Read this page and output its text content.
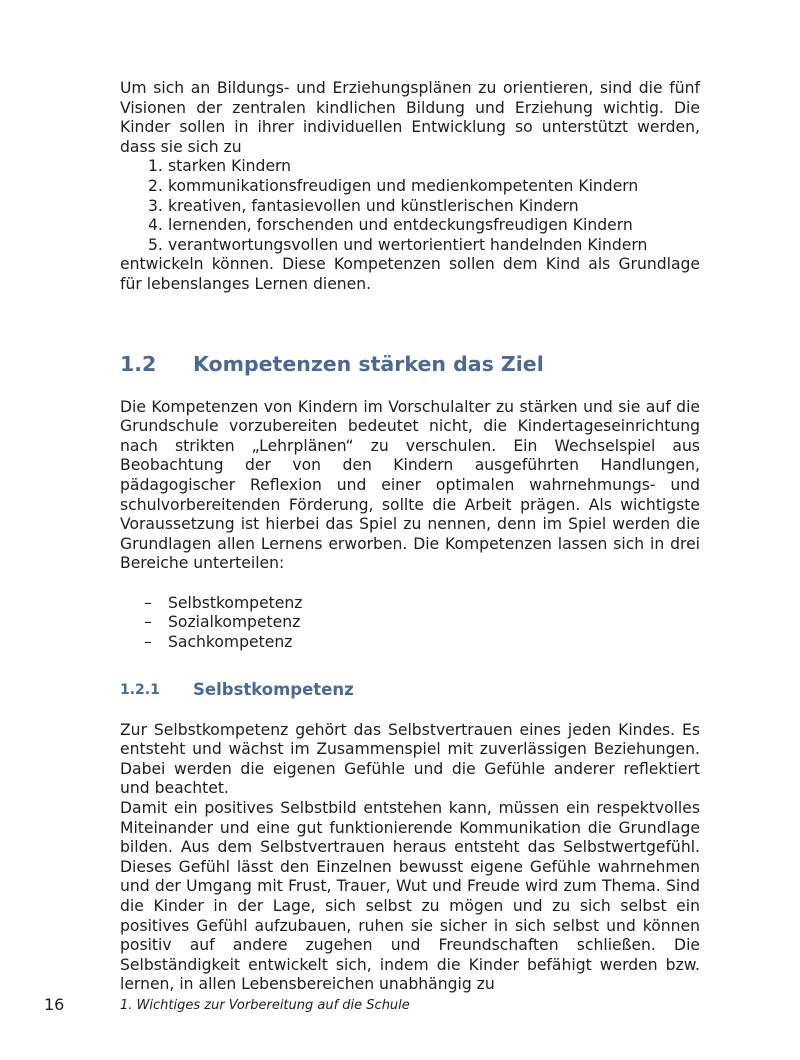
Um sich an Bildungs- und Erziehungsplänen zu orientieren, sind die fünf Visionen der zentralen kindlichen Bildung und Erziehung wichtig. Die Kinder sollen in ihrer individuellen Entwicklung so unterstützt werden, dass sie sich zu

1. starken Kindern
2. kommunikationsfreudigen und medienkompetenten Kindern
3. kreativen, fantasievollen und künstlerischen Kindern
4. lernenden, forschenden und entdeckungsfreudigen Kindern
5. verantwortungsvollen und wertorientiert handelnden Kindern

entwickeln können. Diese Kompetenzen sollen dem Kind als Grundlage für lebenslanges Lernen dienen.

1.2	Kompetenzen stärken das Ziel

Die Kompetenzen von Kindern im Vorschulalter zu stärken und sie auf die Grundschule vorzubereiten bedeutet nicht, die Kindertageseinrichtung nach strikten „Lehrplänen“ zu verschulen. Ein Wechselspiel aus Beobachtung der von den Kindern ausgeführten Handlungen, pädagogischer Reflexion und einer optimalen wahrnehmungs- und schulvorbereitenden Förderung, sollte die Arbeit prägen. Als wichtigste Voraussetzung ist hierbei das Spiel zu nennen, denn im Spiel werden die Grundlagen allen Lernens erworben. Die Kompetenzen lassen sich in drei Bereiche unterteilen:

–	Selbstkompetenz
–	Sozialkompetenz
–	Sachkompetenz
1.2.1	Selbstkompetenz

Zur Selbstkompetenz gehört das Selbstvertrauen eines jeden Kindes. Es entsteht und wächst im Zusammenspiel mit zuverlässigen Beziehungen. Dabei werden die eigenen Gefühle und die Gefühle anderer reflektiert und beachtet.

Damit ein positives Selbstbild entstehen kann, müssen ein respektvolles Miteinander und eine gut funktionierende Kommunikation die Grundlage bilden. Aus dem Selbstvertrauen heraus entsteht das Selbstwertgefühl. Dieses Gefühl lässt den Einzelnen bewusst eigene Gefühle wahrnehmen und der Umgang mit Frust, Trauer, Wut und Freude wird zum Thema. Sind die Kinder in der Lage, sich selbst zu mögen und zu sich selbst ein positives Gefühl aufzubauen, ruhen sie sicher in sich selbst und können positiv auf andere zugehen und Freundschaften schließen. Die Selbständigkeit entwickelt sich, indem die Kinder befähigt werden bzw. lernen, in allen Lebensbereichen unabhängig zu

16	1. Wichtiges zur Vorbereitung auf die Schule
